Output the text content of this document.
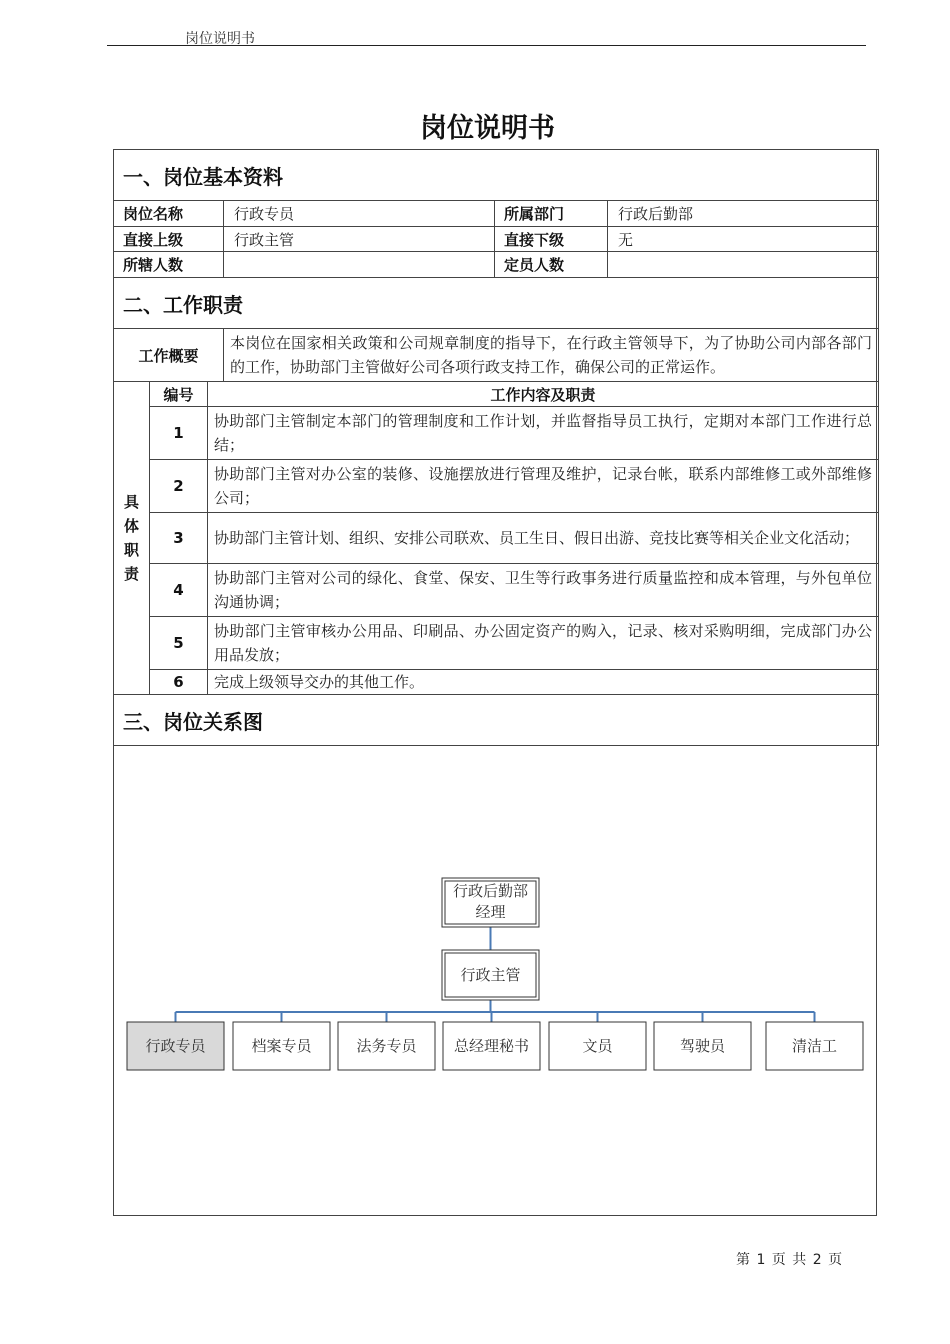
岗位说明书
岗位说明书
一、岗位基本资料					
岗位名称			行政专员	所属部门	行政后勤部
直接上级			行政主管	直接下级	无
所辖人数				定员人数	
二、工作职责					
工作概要			本岗位在国家相关政策和公司规章制度的指导下，在行政主管领导下，为了协助公司内部各部门的工作，协助部门主管做好公司各项行政支持工作，确保公司的正常运作。		

具
体
职
责	编号	工作内容及职责			
	1	协助部门主管制定本部门的管理制度和工作计划，并监督指导员工执行，定期对本部门工作进行总结；			
	2	协助部门主管对办公室的装修、设施摆放进行管理及维护，记录台帐，联系内部维修工或外部维修公司；			
	3	协助部门主管计划、组织、安排公司联欢、员工生日、假日出游、竞技比赛等相关企业文化活动；			
	4	协助部门主管对公司的绿化、食堂、保安、卫生等行政事务进行质量监控和成本管理，与外包单位沟通协调；			
	5	协助部门主管审核办公用品、印刷品、办公固定资产的购入，记录、核对采购明细，完成部门办公用品发放；			
	6	完成上级领导交办的其他工作。			
三、岗位关系图					
行政后勤部
经理
行政主管
行政专员	档案专员	法务专员 总经理秘书	文员	驾驶员	清洁工
第 1 页 共 2 页
